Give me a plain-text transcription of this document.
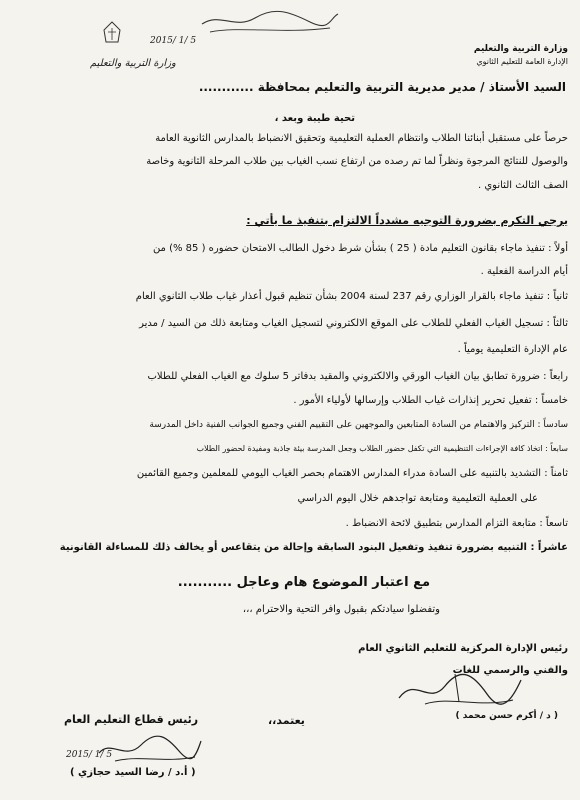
وزارة التربية والتعليم
الإدارة العامة للتعليم الثانوي
2015/ 1/ 5
وزارة التربية والتعليم
السيد الأستاذ / مدير مديرية التربية والتعليم بمحافظة ............
تحية طيبة وبعد ،
حرصاً على مستقبل أبنائنا الطلاب وانتظام العملية التعليمية وتحقيق الانضباط بالمدارس الثانوية العامة
والوصول للنتائج المرجوة ونظراً لما تم رصده من ارتفاع نسب الغياب بين طلاب المرحلة الثانوية وخاصة
الصف الثالث الثانوي .
يرجي التكرم بضرورة التوجيه مشدداً الالتزام بتنفيذ ما يأتي :
أولاً : تنفيذ ماجاء بقانون التعليم مادة ( 25 ) بشأن شرط دخول الطالب الامتحان حضوره ( 85 %) من
أيام الدراسة الفعلية .
ثانياً : تنفيذ ماجاء بالقرار الوزاري رقم 237 لسنة 2004 بشأن تنظيم قبول أعذار غياب طلاب الثانوي العام
ثالثاً : تسجيل الغياب الفعلي للطلاب على الموقع الالكتروني لتسجيل الغياب ومتابعة ذلك من السيد / مدير
عام الإدارة التعليمية يومياً .
رابعاً : ضرورة تطابق بيان الغياب الورقي والالكتروني والمقيد بدفاتر 5 سلوك مع الغياب الفعلي للطلاب
خامساً : تفعيل تحرير إنذارات غياب الطلاب وإرسالها لأولياء الأمور .
سادساً : التركيز والاهتمام من السادة المتابعين والموجهين على التقييم الفني وجميع الجوانب الفنية داخل المدرسة
سابعاً : اتخاذ كافة الإجراءات التنظيمية التي تكفل حضور الطلاب وجعل المدرسة بيئة جاذبة ومفيدة لحضور الطلاب
ثامناً : التشديد بالتنبيه على السادة مدراء المدارس الاهتمام بحصر الغياب اليومي للمعلمين وجميع القائمين
على العملية التعليمية ومتابعة تواجدهم خلال اليوم الدراسي
تاسعاً : متابعة التزام المدارس بتطبيق لائحة الانضباط .
عاشراً : التنبيه بضرورة تنفيذ وتفعيل البنود السابقة وإحالة من يتقاعس أو يخالف ذلك للمساءلة القانونية
مع اعتبار الموضوع هام وعاجل ...........
وتفضلوا سيادتكم بقبول وافر التحية والاحترام ،،،
رئيس الإدارة المركزية للتعليم الثانوي العام
والفني والرسمي للغات
( د / أكرم حسن محمد )
يعتمد،،
رئيس قطاع التعليم العام
2015/ 1/ 5
( أ.د / رضا السيد حجازي )
